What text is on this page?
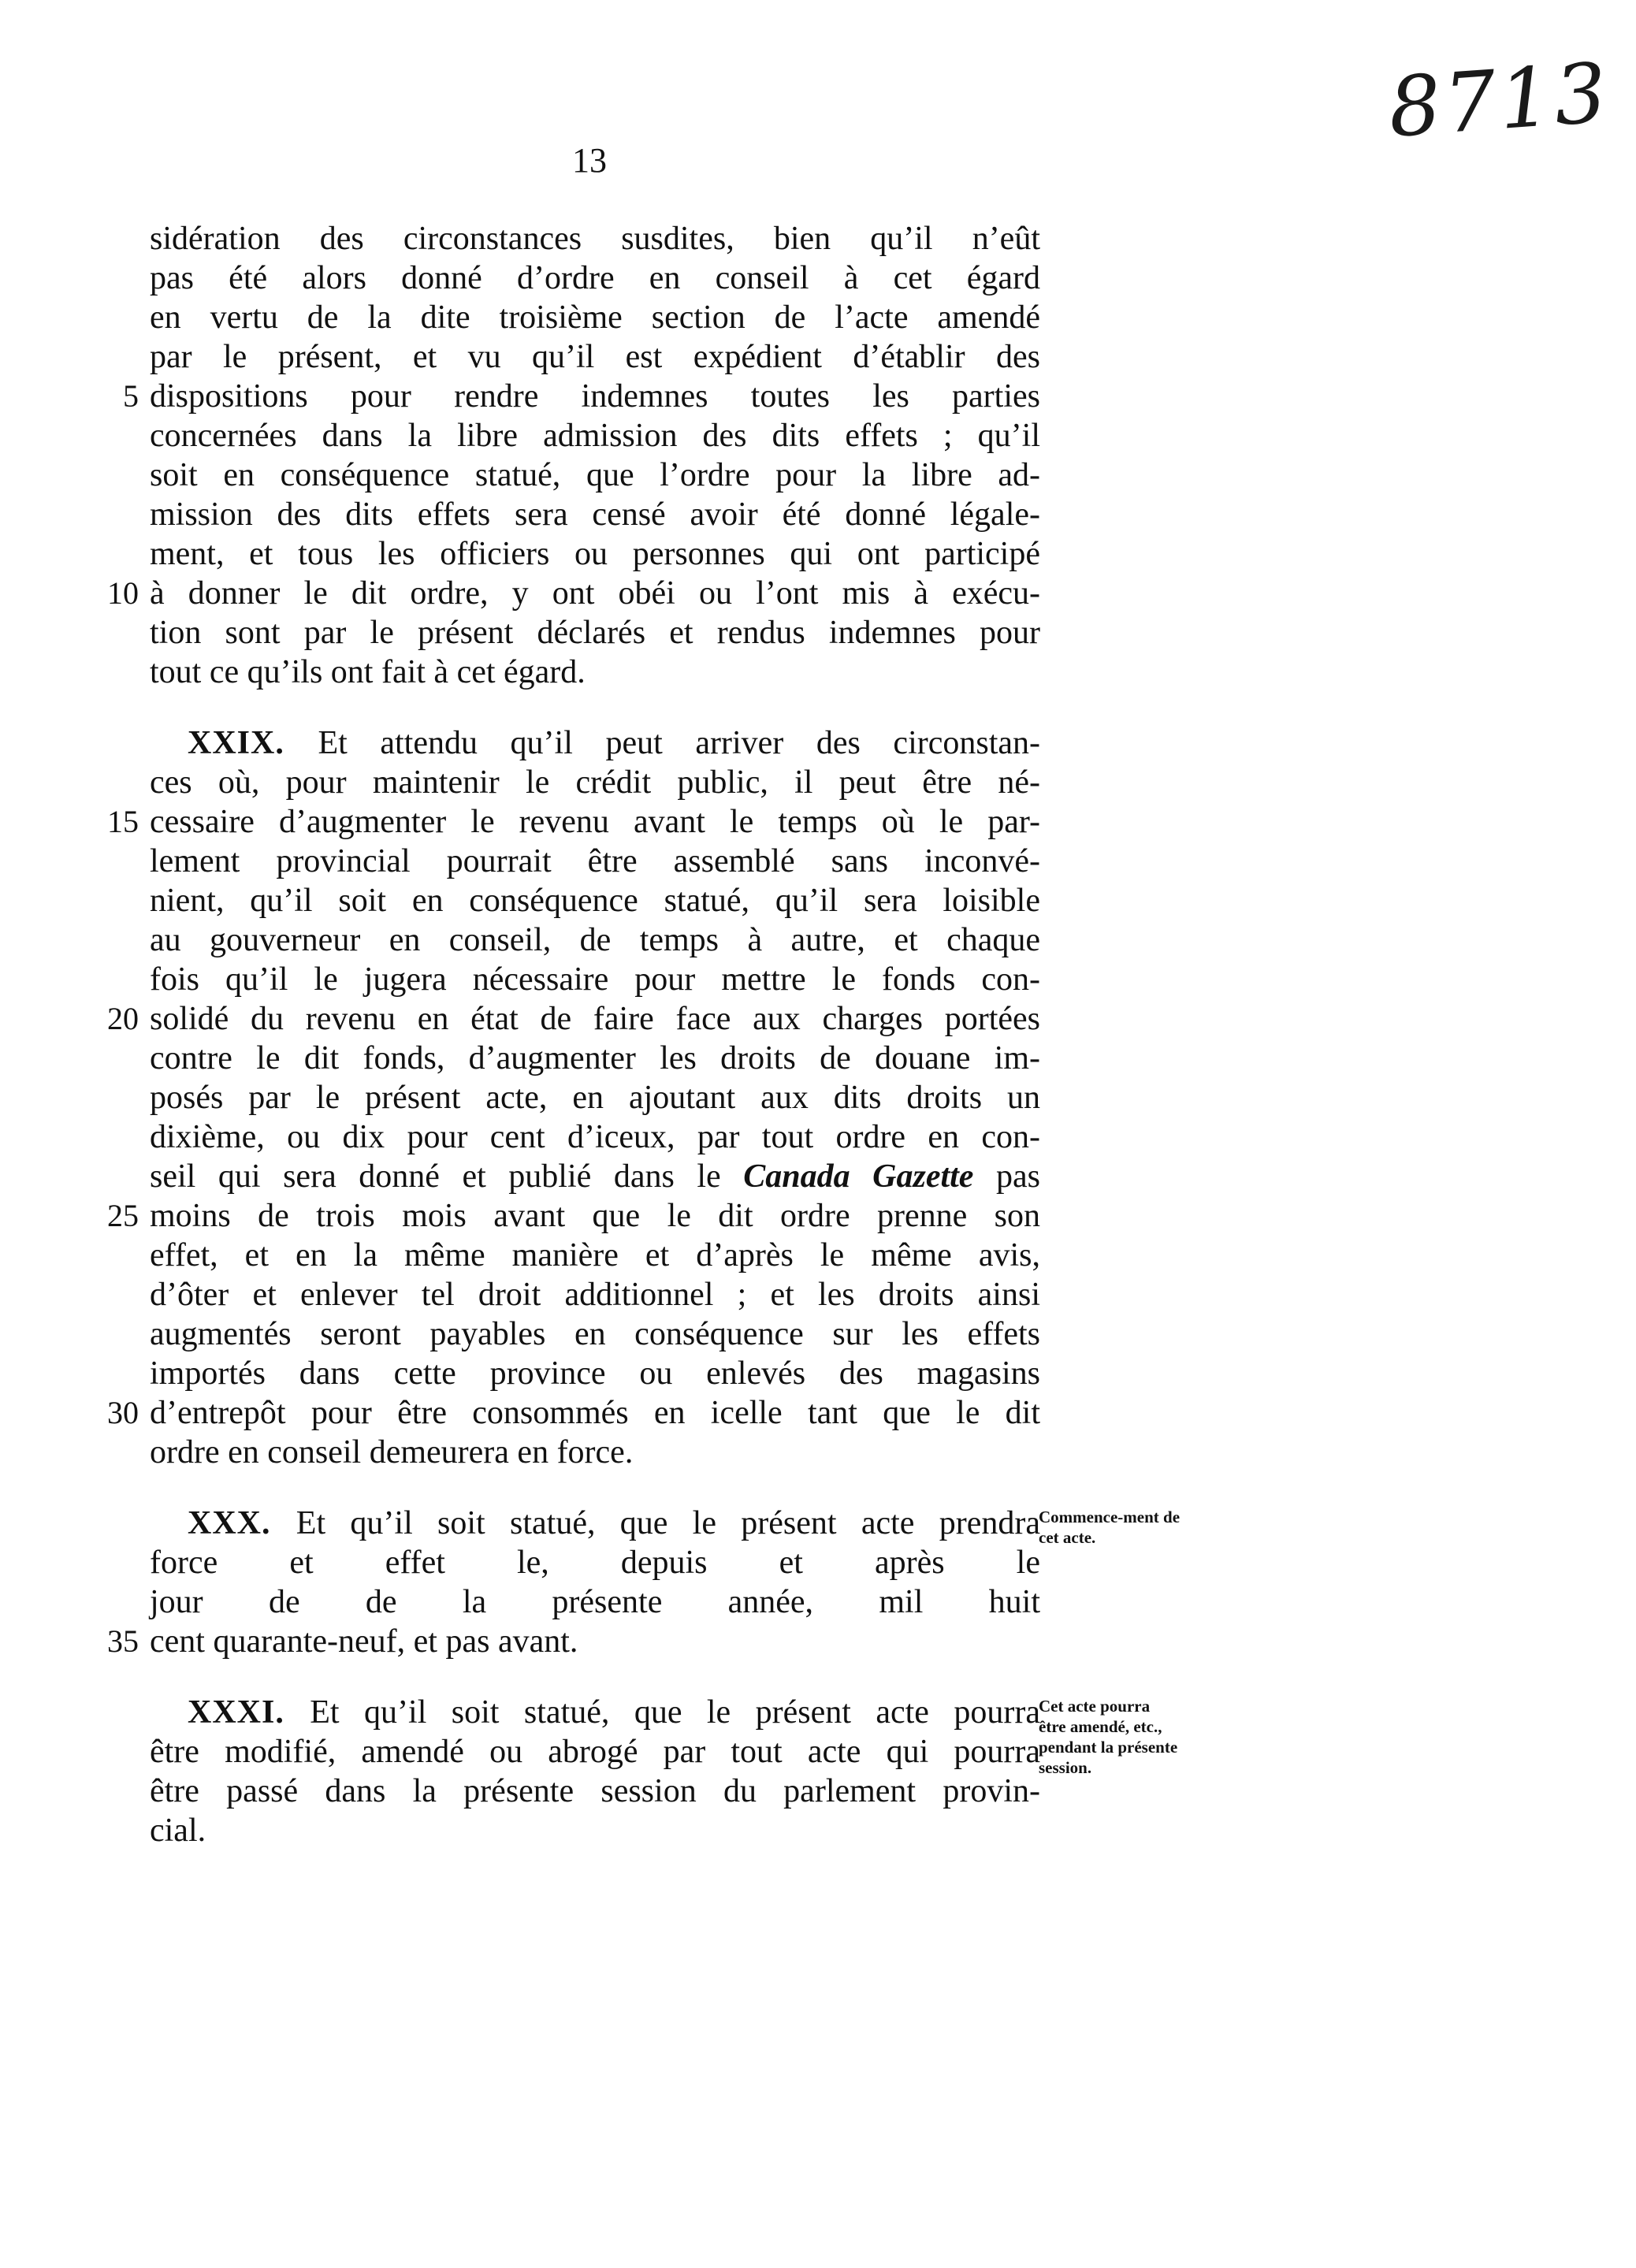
8713
13
sidération des circonstances susdites, bien qu’il n’eût
pas été alors donné d’ordre en conseil à cet égard
en vertu de la dite troisième section de l’acte amendé
par le présent, et vu qu’il est expédient d’établir des
5 dispositions pour rendre indemnes toutes les parties
concernées dans la libre admission des dits effets ; qu’il
soit en conséquence statué, que l’ordre pour la libre ad-
mission des dits effets sera censé avoir été donné légale-
ment, et tous les officiers ou personnes qui ont participé
10 à donner le dit ordre, y ont obéi ou l’ont mis à exécu-
tion sont par le présent déclarés et rendus indemnes pour
tout ce qu’ils ont fait à cet égard.
XXIX. Et attendu qu’il peut arriver des circonstan-
ces où, pour maintenir le crédit public, il peut être né-
15 cessaire d’augmenter le revenu avant le temps où le par-
lement provincial pourrait être assemblé sans inconvé-
nient, qu’il soit en conséquence statué, qu’il sera loisible
au gouverneur en conseil, de temps à autre, et chaque
fois qu’il le jugera nécessaire pour mettre le fonds con-
20 solidé du revenu en état de faire face aux charges portées
contre le dit fonds, d’augmenter les droits de douane im-
posés par le présent acte, en ajoutant aux dits droits un
dixième, ou dix pour cent d’iceux, par tout ordre en con-
seil qui sera donné et publié dans le Canada Gazette pas
25 moins de trois mois avant que le dit ordre prenne son
effet, et en la même manière et d’après le même avis,
d’ôter et enlever tel droit additionnel ; et les droits ainsi
augmentés seront payables en conséquence sur les effets
importés dans cette province ou enlevés des magasins
30 d’entrepôt pour être consommés en icelle tant que le dit
ordre en conseil demeurera en force.
XXX. Et qu’il soit statué, que le présent acte prendra
force et effet le, depuis et après le
jour de de la présente année, mil huit
35 cent quarante-neuf, et pas avant.
XXXI. Et qu’il soit statué, que le présent acte pourra
être modifié, amendé ou abrogé par tout acte qui pourra
être passé dans la présente session du parlement provin-
cial.
Commence-ment de cet acte.
Cet acte pourra être amendé, etc., pendant la présente session.
